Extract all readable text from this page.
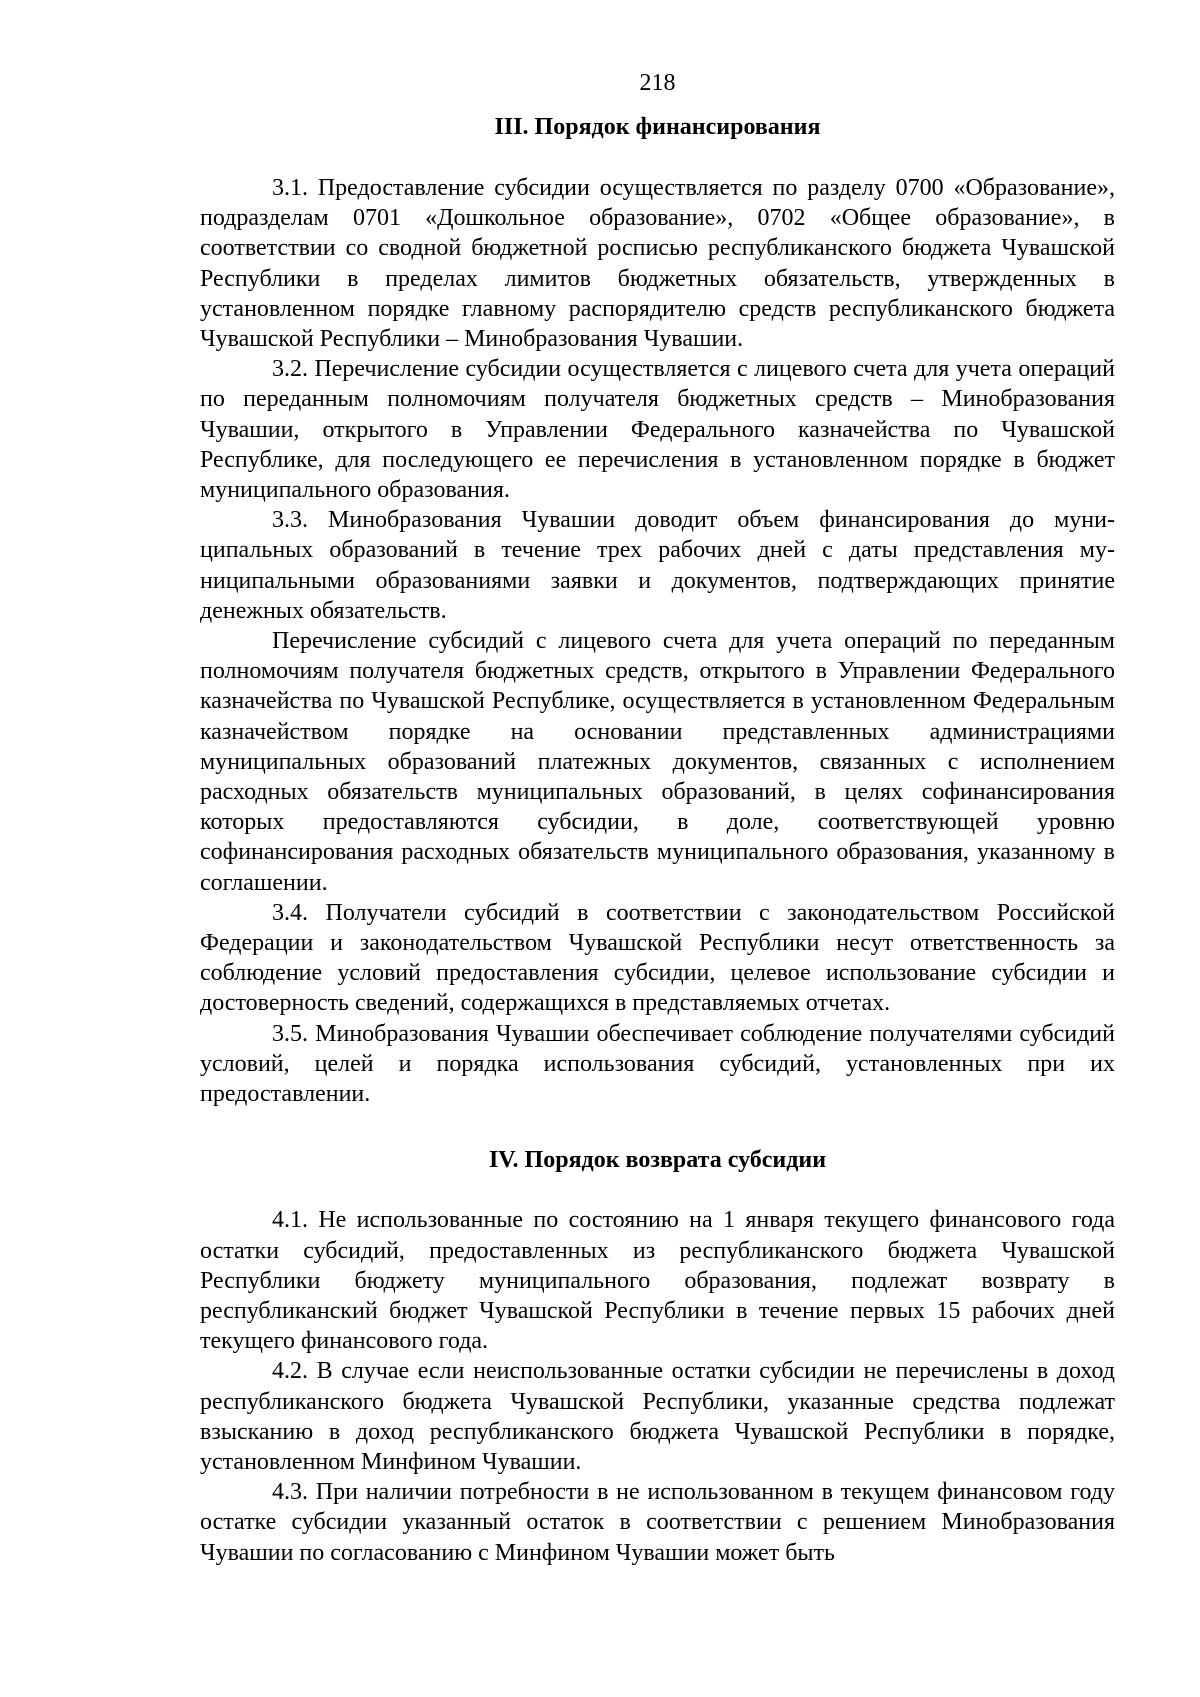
218
III. Порядок финансирования

3.1. Предоставление субсидии осуществляется по разделу 0700 «Образование», подразделам 0701 «Дошкольное образование», 0702 «Общее образование», в соответствии со сводной бюджетной росписью республиканского бюджета Чувашской Республики в пределах лимитов бюджетных обязательств, утвержденных в установленном порядке главному распорядителю средств республиканского бюджета Чувашской Республики – Минобразования Чувашии.

3.2. Перечисление субсидии осуществляется с лицевого счета для учета операций по переданным полномочиям получателя бюджетных средств – Минобразования Чувашии, открытого в Управлении Федерального казначейства по Чувашской Республике, для последующего ее перечисления в установленном порядке в бюджет муниципального образования.

3.3. Минобразования Чувашии доводит объем финансирования до муниципальных образований в течение трех рабочих дней с даты представления муниципальными образованиями заявки и документов, подтверждающих принятие денежных обязательств.

Перечисление субсидий с лицевого счета для учета операций по переданным полномочиям получателя бюджетных средств, открытого в Управлении Федерального казначейства по Чувашской Республике, осуществляется в установленном Федеральным казначейством порядке на основании представленных администрациями муниципальных образований платежных документов, связанных с исполнением расходных обязательств муниципальных образований, в целях софинансирования которых предоставляются субсидии, в доле, соответствующей уровню софинансирования расходных обязательств муниципального образования, указанному в соглашении.

3.4. Получатели субсидий в соответствии с законодательством Российской Федерации и законодательством Чувашской Республики несут ответственность за соблюдение условий предоставления субсидии, целевое использование субсидии и достоверность сведений, содержащихся в представляемых отчетах.

3.5. Минобразования Чувашии обеспечивает соблюдение получателями субсидий условий, целей и порядка использования субсидий, установленных при их предоставлении.

IV. Порядок возврата субсидии

4.1. Не использованные по состоянию на 1 января текущего финансового года остатки субсидий, предоставленных из республиканского бюджета Чувашской Республики бюджету муниципального образования, подлежат возврату в республиканский бюджет Чувашской Республики в течение первых 15 рабочих дней текущего финансового года.

4.2. В случае если неиспользованные остатки субсидии не перечислены в доход республиканского бюджета Чувашской Республики, указанные средства подлежат взысканию в доход республиканского бюджета Чувашской Республики в порядке, установленном Минфином Чувашии.

4.3. При наличии потребности в не использованном в текущем финансовом году остатке субсидии указанный остаток в соответствии с решением Минобразования Чувашии по согласованию с Минфином Чувашии может быть
